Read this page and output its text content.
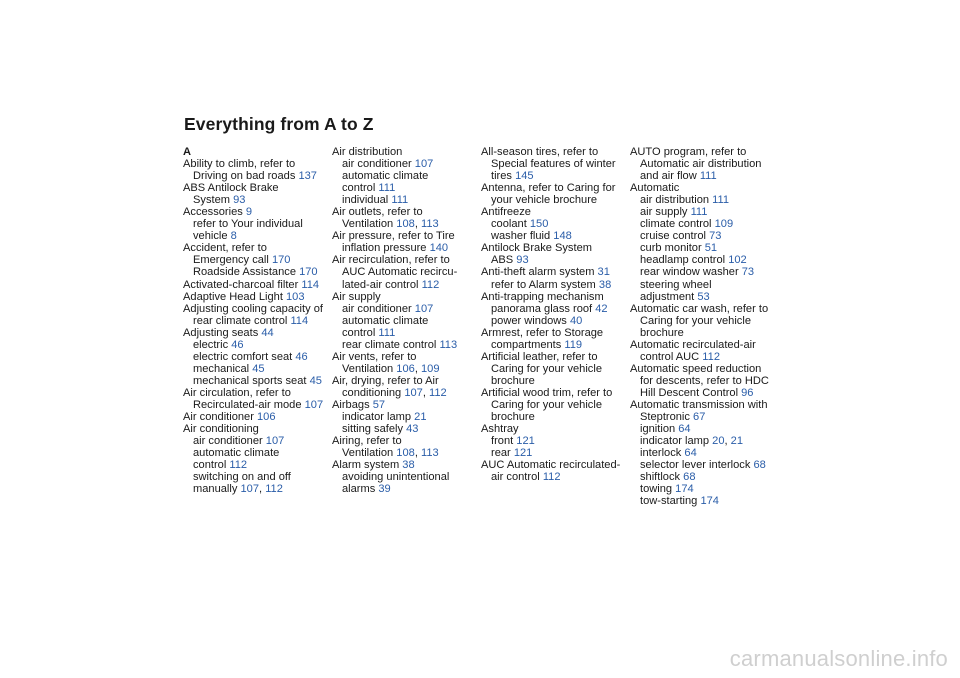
Everything from A to Z
A
Ability to climb, refer to
Driving on bad roads 137
ABS Antilock Brake
System 93
Accessories 9
refer to Your individual
vehicle 8
Accident, refer to
Emergency call 170
Roadside Assistance 170
Activated-charcoal filter 114
Adaptive Head Light 103
Adjusting cooling capacity of
rear climate control 114
Adjusting seats 44
electric 46
electric comfort seat 46
mechanical 45
mechanical sports seat 45
Air circulation, refer to
Recirculated-air mode 107
Air conditioner 106
Air conditioning
air conditioner 107
automatic climate
control 112
switching on and off
manually 107, 112
Air distribution
air conditioner 107
automatic climate
control 111
individual 111
Air outlets, refer to
Ventilation 108, 113
Air pressure, refer to Tire
inflation pressure 140
Air recirculation, refer to
AUC Automatic recircu-
lated-air control 112
Air supply
air conditioner 107
automatic climate
control 111
rear climate control 113
Air vents, refer to
Ventilation 106, 109
Air, drying, refer to Air
conditioning 107, 112
Airbags 57
indicator lamp 21
sitting safely 43
Airing, refer to
Ventilation 108, 113
Alarm system 38
avoiding unintentional
alarms 39
All-season tires, refer to
Special features of winter
tires 145
Antenna, refer to Caring for
your vehicle brochure
Antifreeze
coolant 150
washer fluid 148
Antilock Brake System
ABS 93
Anti-theft alarm system 31
refer to Alarm system 38
Anti-trapping mechanism
panorama glass roof 42
power windows 40
Armrest, refer to Storage
compartments 119
Artificial leather, refer to
Caring for your vehicle
brochure
Artificial wood trim, refer to
Caring for your vehicle
brochure
Ashtray
front 121
rear 121
AUC Automatic recirculated-
air control 112
AUTO program, refer to
Automatic air distribution
and air flow 111
Automatic
air distribution 111
air supply 111
climate control 109
cruise control 73
curb monitor 51
headlamp control 102
rear window washer 73
steering wheel
adjustment 53
Automatic car wash, refer to
Caring for your vehicle
brochure
Automatic recirculated-air
control AUC 112
Automatic speed reduction
for descents, refer to HDC
Hill Descent Control 96
Automatic transmission with
Steptronic 67
ignition 64
indicator lamp 20, 21
interlock 64
selector lever interlock 68
shiftlock 68
towing 174
tow-starting 174
carmanualsonline.info
